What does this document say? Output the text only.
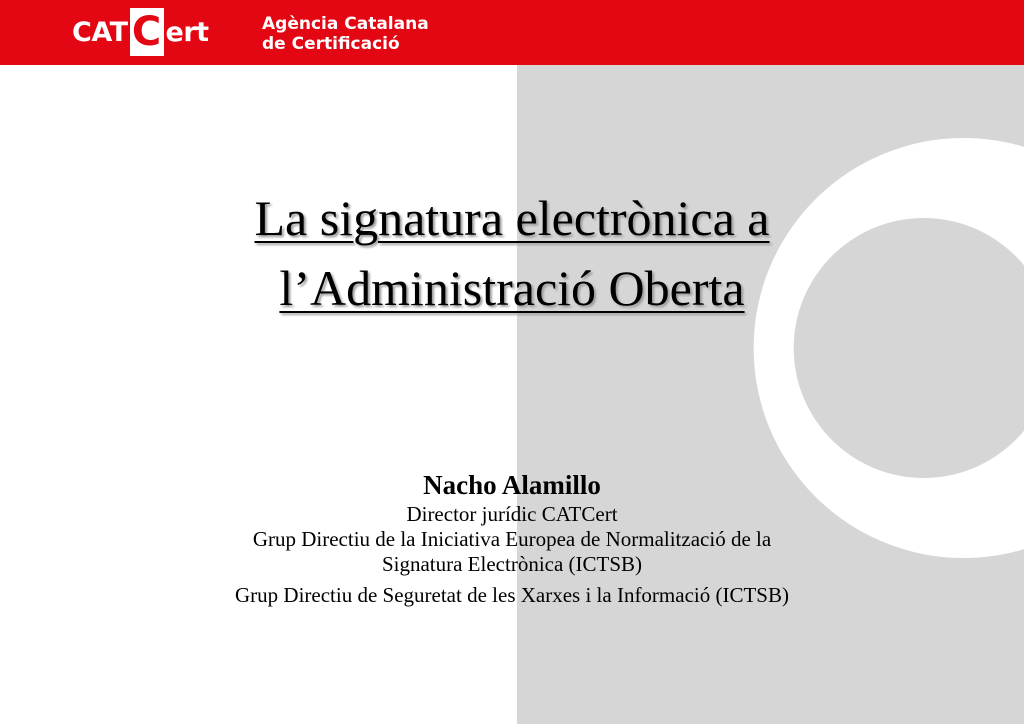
CAT C ert	Agència Catalana
de Certificació
La signatura electrònica a
l’Administració Oberta
Nacho Alamillo
Director jurídic CATCert
Grup Directiu de la Iniciativa Europea de Normalització de la
Signatura Electrònica (ICTSB)
Grup Directiu de Seguretat de les Xarxes i la Informació (ICTSB)
